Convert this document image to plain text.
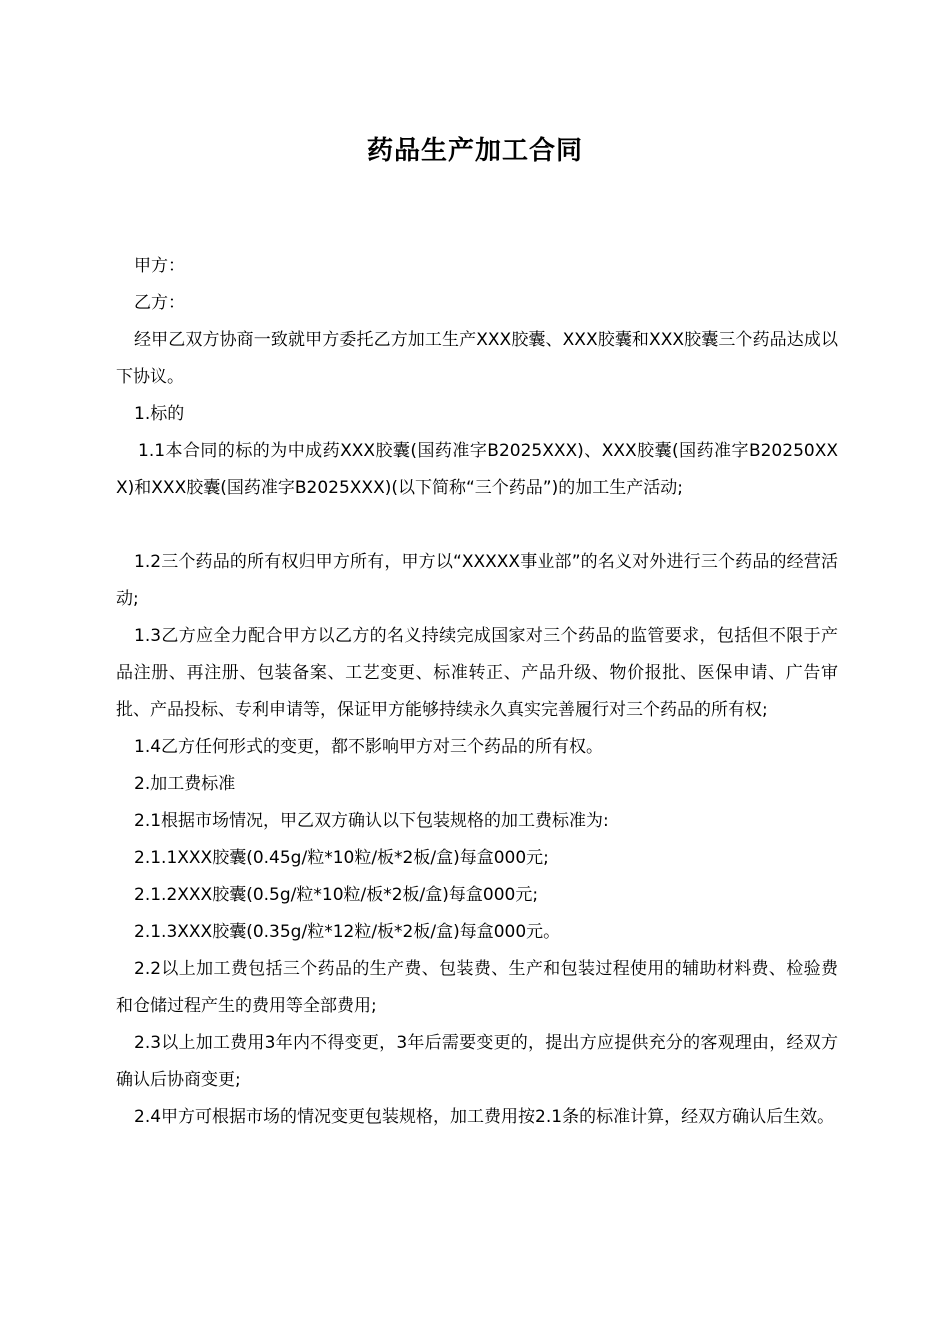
药品生产加工合同

甲方：

乙方：

经甲乙双方协商一致就甲方委托乙方加工生产XXX胶囊、XXX胶囊和XXX胶囊三个药品达成以下协议。

1.标的

1.1本合同的标的为中成药XXX胶囊(国药准字B2025XXX)、XXX胶囊(国药准字B20250XXX)和XXX胶囊(国药准字B2025XXX)(以下简称“三个药品”)的加工生产活动;

1.2三个药品的所有权归甲方所有，甲方以“XXXXX事业部”的名义对外进行三个药品的经营活动;

1.3乙方应全力配合甲方以乙方的名义持续完成国家对三个药品的监管要求，包括但不限于产品注册、再注册、包装备案、工艺变更、标准转正、产品升级、物价报批、医保申请、广告审批、产品投标、专利申请等，保证甲方能够持续永久真实完善履行对三个药品的所有权;

1.4乙方任何形式的变更，都不影响甲方对三个药品的所有权。

2.加工费标准

2.1根据市场情况，甲乙双方确认以下包装规格的加工费标准为:

2.1.1XXX胶囊(0.45g/粒*10粒/板*2板/盒)每盒000元;

2.1.2XXX胶囊(0.5g/粒*10粒/板*2板/盒)每盒000元;

2.1.3XXX胶囊(0.35g/粒*12粒/板*2板/盒)每盒000元。

2.2以上加工费包括三个药品的生产费、包装费、生产和包装过程使用的辅助材料费、检验费和仓储过程产生的费用等全部费用;

2.3以上加工费用3年内不得变更，3年后需要变更的，提出方应提供充分的客观理由，经双方确认后协商变更;

2.4甲方可根据市场的情况变更包装规格，加工费用按2.1条的标准计算，经双方确认后生效。
